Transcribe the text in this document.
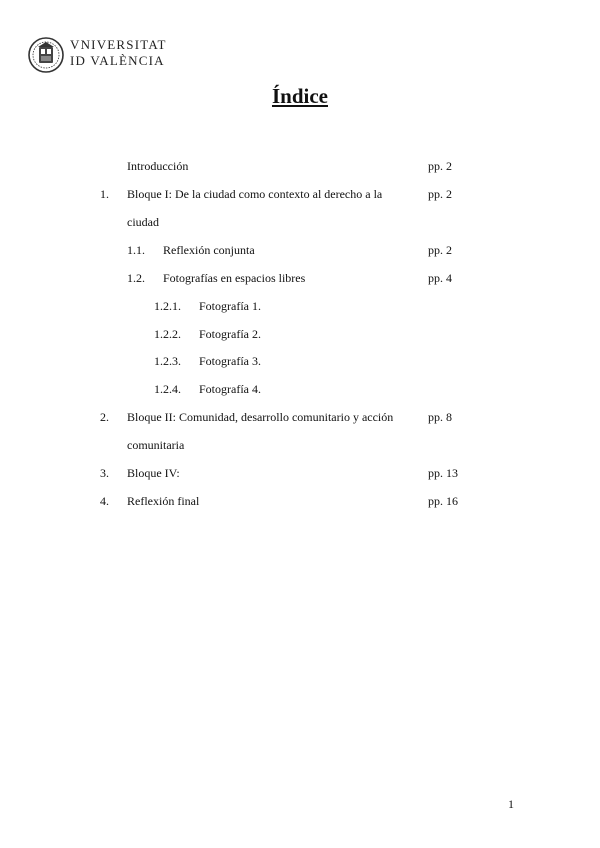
VNIVERSITAT
ID VALÈNCIA
Índice
Introducción	pp. 2
1. Bloque I: De la ciudad como contexto al derecho a la	pp. 2
ciudad
1.1. Reflexión conjunta	pp. 2
1.2. Fotografías en espacios libres	pp. 4
1.2.1. Fotografía 1.
1.2.2. Fotografía 2.
1.2.3. Fotografía 3.
1.2.4. Fotografía 4.
2. Bloque II: Comunidad, desarrollo comunitario y acción	pp. 8
comunitaria
3. Bloque IV:	pp. 13
4. Reflexión final	pp. 16
1
